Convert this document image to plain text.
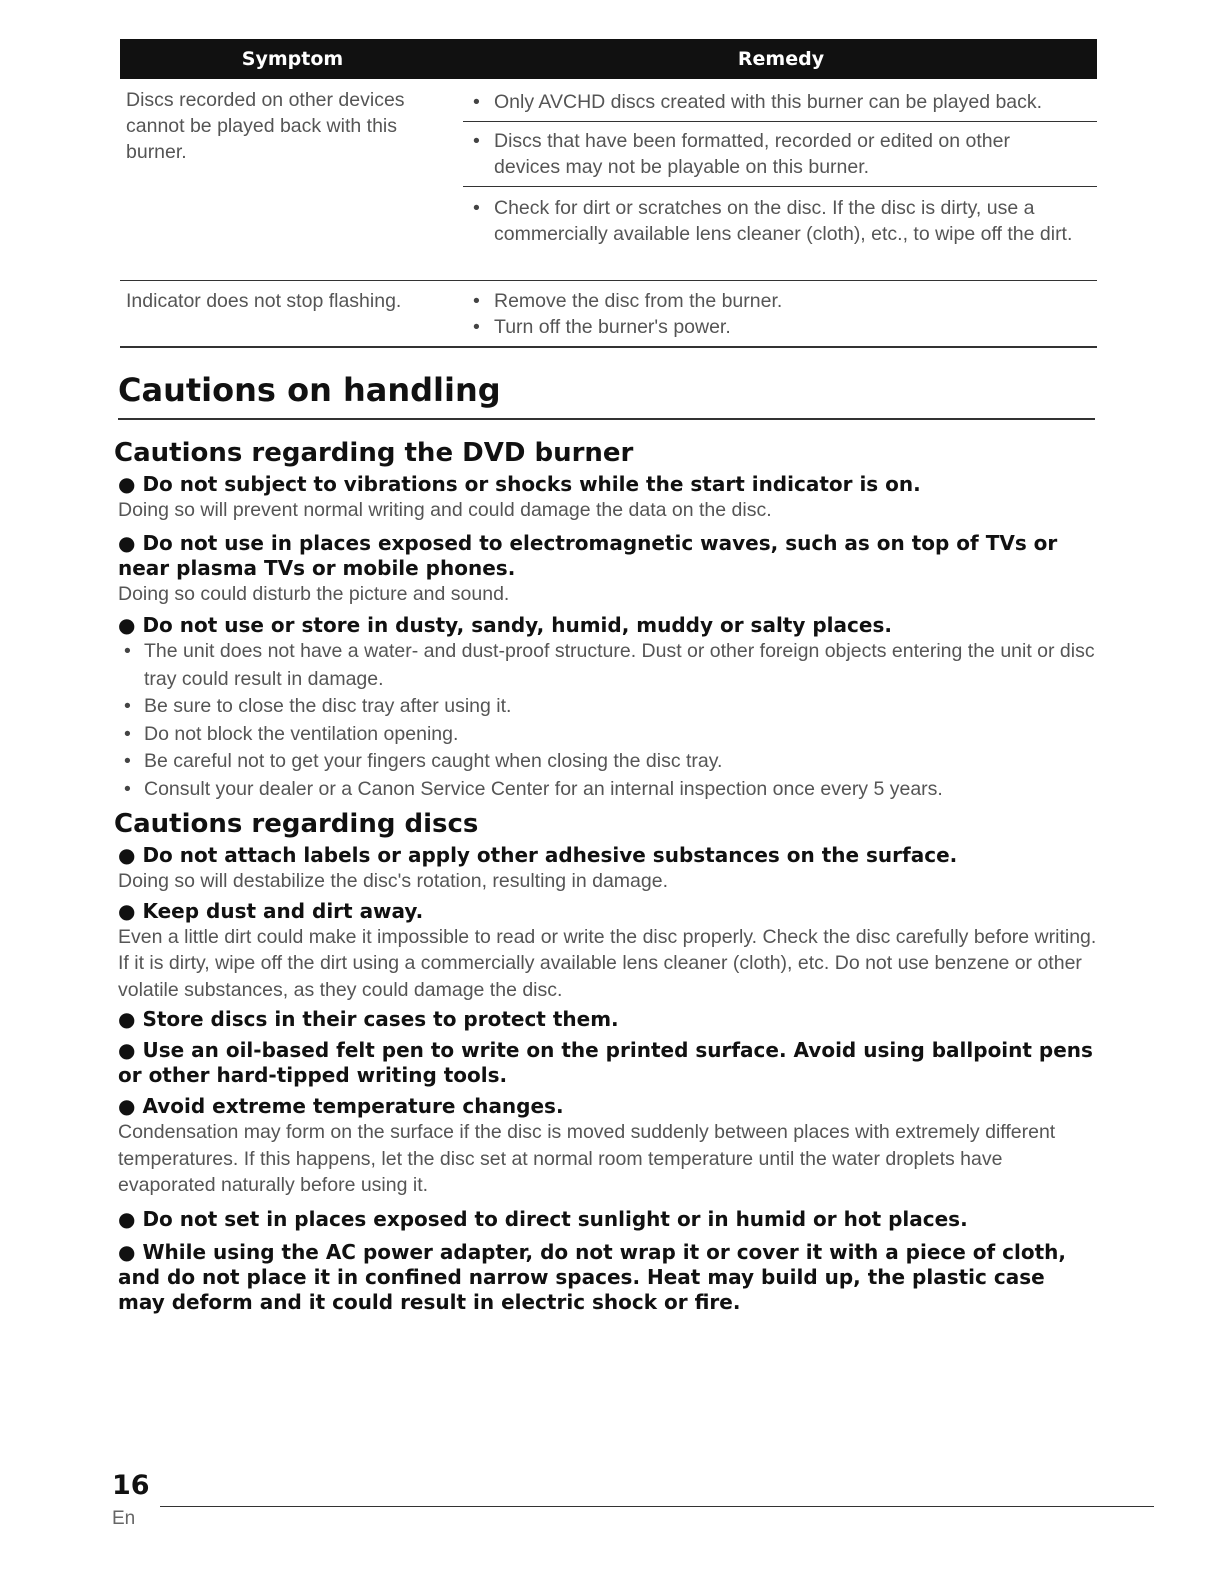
Symptom	Remedy
Discs recorded on other devices cannot be played back with this burner.
• Only AVCHD discs created with this burner can be played back.
• Discs that have been formatted, recorded or edited on other devices may not be playable on this burner.
• Check for dirt or scratches on the disc. If the disc is dirty, use a commercially available lens cleaner (cloth), etc., to wipe off the dirt.
Indicator does not stop flashing.
•	Remove the disc from the burner.
• Turn off the burner's power.
Cautions on handling
Cautions regarding the DVD burner
● Do not subject to vibrations or shocks while the start indicator is on.
Doing so will prevent normal writing and could damage the data on the disc.
● Do not use in places exposed to electromagnetic waves, such as on top of TVs or near plasma TVs or mobile phones.
Doing so could disturb the picture and sound.
● Do not use or store in dusty, sandy, humid, muddy or salty places.
• The unit does not have a water- and dust-proof structure. Dust or other foreign objects entering the unit or disc tray could result in damage.
• Be sure to close the disc tray after using it.
• Do not block the ventilation opening.
• Be careful not to get your fingers caught when closing the disc tray.
• Consult your dealer or a Canon Service Center for an internal inspection once every 5 years.
Cautions regarding discs
● Do not attach labels or apply other adhesive substances on the surface.
Doing so will destabilize the disc's rotation, resulting in damage.
● Keep dust and dirt away.
Even a little dirt could make it impossible to read or write the disc properly. Check the disc carefully before writing. If it is dirty, wipe off the dirt using a commercially available lens cleaner (cloth), etc. Do not use benzene or other volatile substances, as they could damage the disc.
● Store discs in their cases to protect them.
● Use an oil-based felt pen to write on the printed surface. Avoid using ballpoint pens or other hard-tipped writing tools.
● Avoid extreme temperature changes.
Condensation may form on the surface if the disc is moved suddenly between places with extremely different temperatures. If this happens, let the disc set at normal room temperature until the water droplets have evaporated naturally before using it.
● Do not set in places exposed to direct sunlight or in humid or hot places.
● While using the AC power adapter, do not wrap it or cover it with a piece of cloth, and do not place it in confined narrow spaces. Heat may build up, the plastic case may deform and it could result in electric shock or fire.
16
En
